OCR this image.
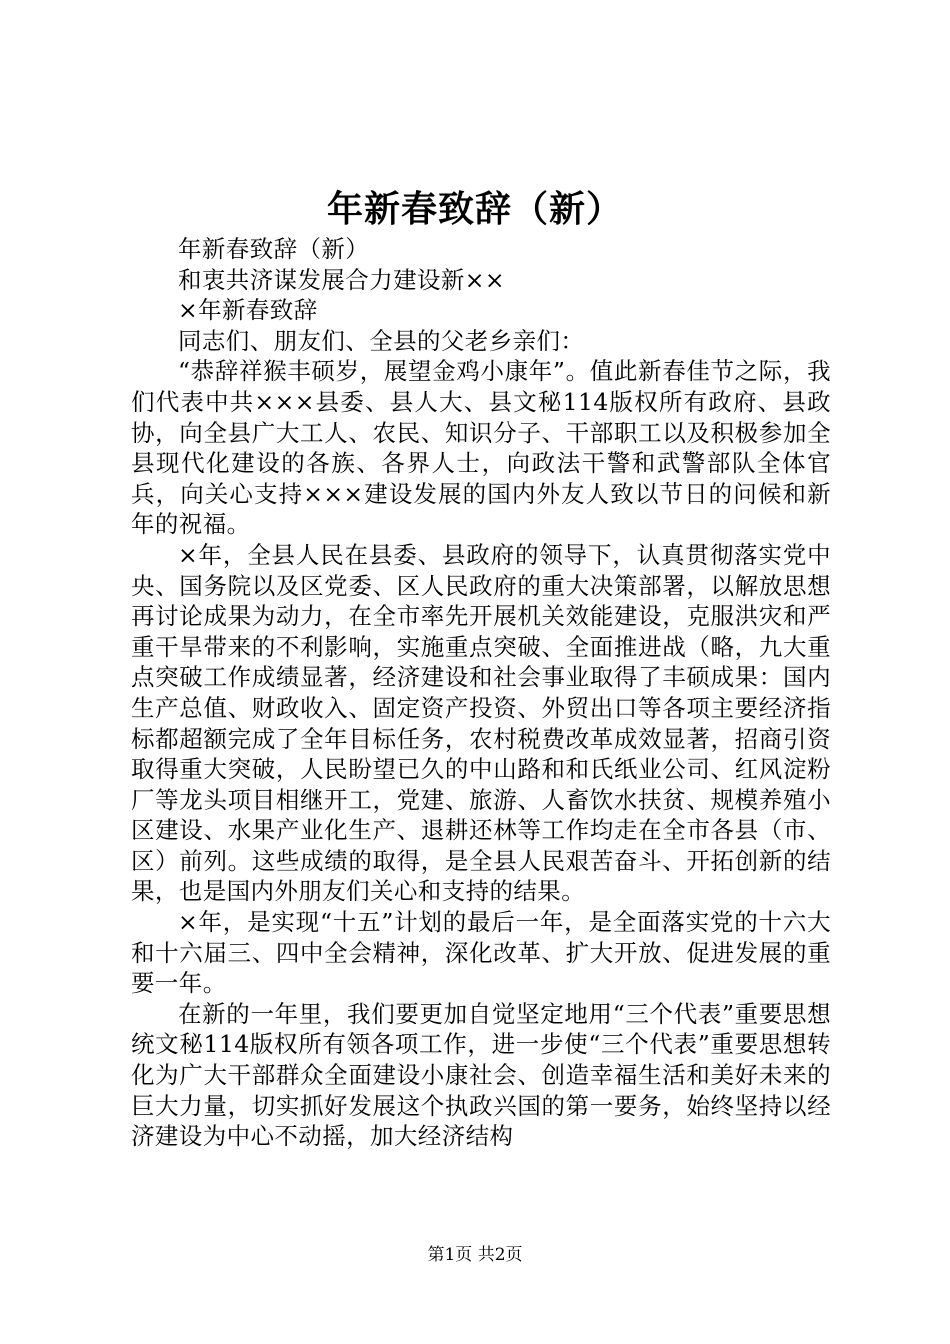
年新春致辞（新）

年新春致辞（新）

和衷共济谋发展合力建设新××

×年新春致辞

同志们、朋友们、全县的父老乡亲们：

“恭辞祥猴丰硕岁，展望金鸡小康年”。值此新春佳节之际，我们代表中共×××县委、县人大、县文秘114版权所有政府、县政协，向全县广大工人、农民、知识分子、干部职工以及积极参加全县现代化建设的各族、各界人士，向政法干警和武警部队全体官兵，向关心支持×××建设发展的国内外友人致以节日的问候和新年的祝福。

×年，全县人民在县委、县政府的领导下，认真贯彻落实党中央、国务院以及区党委、区人民政府的重大决策部署，以解放思想再讨论成果为动力，在全市率先开展机关效能建设，克服洪灾和严重干旱带来的不利影响，实施重点突破、全面推进战（略，九大重点突破工作成绩显著，经济建设和社会事业取得了丰硕成果：国内生产总值、财政收入、固定资产投资、外贸出口等各项主要经济指标都超额完成了全年目标任务，农村税费改革成效显著，招商引资取得重大突破，人民盼望已久的中山路和和氏纸业公司、红风淀粉厂等龙头项目相继开工，党建、旅游、人畜饮水扶贫、规模养殖小区建设、水果产业化生产、退耕还林等工作均走在全市各县（市、区）前列。这些成绩的取得，是全县人民艰苦奋斗、开拓创新的结果，也是国内外朋友们关心和支持的结果。

×年，是实现“十五”计划的最后一年，是全面落实党的十六大和十六届三、四中全会精神，深化改革、扩大开放、促进发展的重要一年。

在新的一年里，我们要更加自觉坚定地用“三个代表”重要思想统文秘114版权所有领各项工作，进一步使“三个代表”重要思想转化为广大干部群众全面建设小康社会、创造幸福生活和美好未来的巨大力量，切实抓好发展这个执政兴国的第一要务，始终坚持以经济建设为中心不动摇，加大经济结构

第1页 共2页
